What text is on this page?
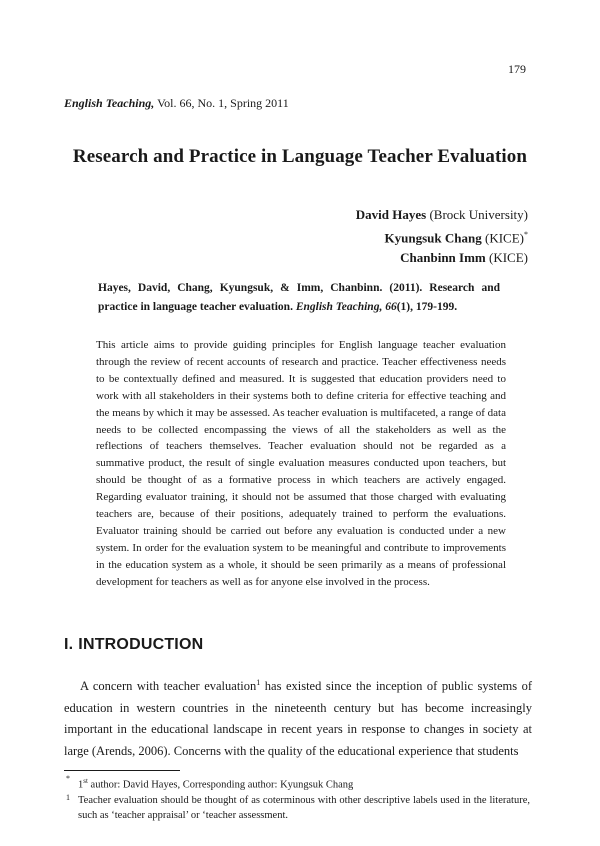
179
English Teaching, Vol. 66, No. 1, Spring 2011
Research and Practice in Language Teacher Evaluation
David Hayes (Brock University)
Kyungsuk Chang (KICE)*
Chanbinn Imm (KICE)
Hayes, David, Chang, Kyungsuk, & Imm, Chanbinn. (2011). Research and practice in language teacher evaluation. English Teaching, 66(1), 179-199.
This article aims to provide guiding principles for English language teacher evaluation through the review of recent accounts of research and practice. Teacher effectiveness needs to be contextually defined and measured. It is suggested that education providers need to work with all stakeholders in their systems both to define criteria for effective teaching and the means by which it may be assessed. As teacher evaluation is multifaceted, a range of data needs to be collected encompassing the views of all the stakeholders as well as the reflections of teachers themselves. Teacher evaluation should not be regarded as a summative product, the result of single evaluation measures conducted upon teachers, but should be thought of as a formative process in which teachers are actively engaged. Regarding evaluator training, it should not be assumed that those charged with evaluating teachers are, because of their positions, adequately trained to perform the evaluations. Evaluator training should be carried out before any evaluation is conducted under a new system. In order for the evaluation system to be meaningful and contribute to improvements in the education system as a whole, it should be seen primarily as a means of professional development for teachers as well as for anyone else involved in the process.
I. INTRODUCTION
A concern with teacher evaluation$^1$ has existed since the inception of public systems of education in western countries in the nineteenth century but has become increasingly important in the educational landscape in recent years in response to changes in society at large (Arends, 2006). Concerns with the quality of the educational experience that students
*
1st author: David Hayes, Corresponding author: Kyungsuk Chang
1 Teacher evaluation should be thought of as coterminous with other descriptive labels used in the literature, such as ‘teacher appraisal’ or ‘teacher assessment.
